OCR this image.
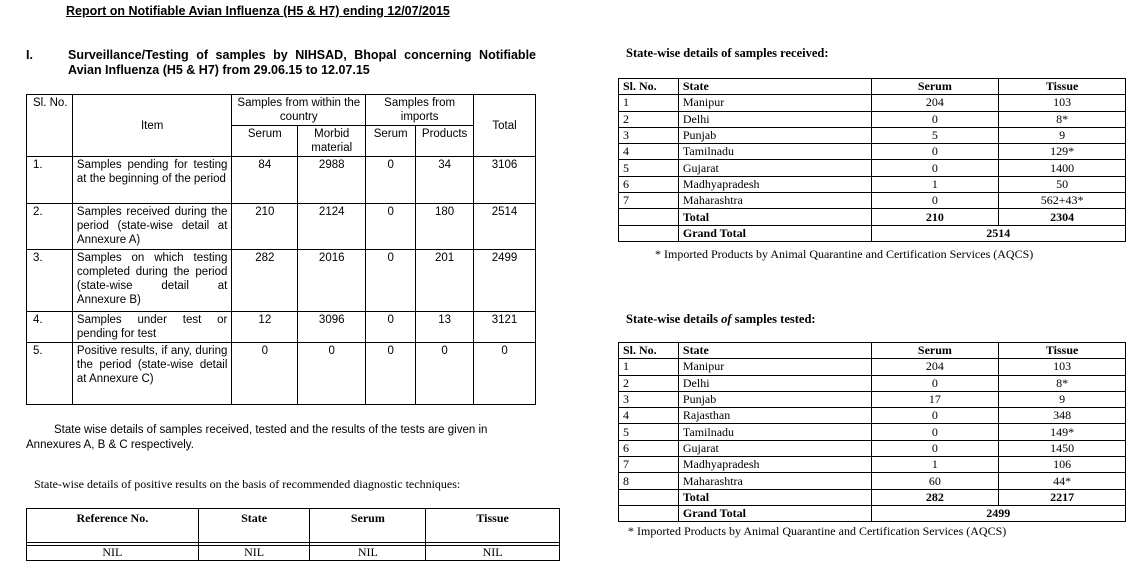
Report on Notifiable Avian Influenza (H5 & H7) ending 12/07/2015
I.	Surveillance/Testing of samples by NIHSAD, Bhopal concerning Notifiable Avian Influenza (H5 & H7) from 29.06.15 to 12.07.15
Sl. No.	Item	Samples from within the country		Samples from imports		Total
		Serum	Morbid material	Serum	Products	
1.	Samples pending for testing at the beginning of the period	84	2988	0	34	3106
2.	Samples received during the period (state-wise detail at Annexure A)	210	2124	0	180	2514
3.	Samples on which testing completed during the period (state-wise detail at Annexure B)	282	2016	0	201	2499
4.	Samples under test or pending for test	12	3096	0	13	3121
5.	Positive results, if any, during the period (state-wise detail at Annexure C)	0	0	0	0	0
State wise details of samples received, tested and the results of the tests are given in Annexures A, B & C respectively.
State-wise details of positive results on the basis of recommended diagnostic techniques:
Reference No.	State	Serum	Tissue

NIL	NIL	NIL	NIL
State-wise details of samples received:
Sl. No.	State	Serum	Tissue
1	Manipur	204	103
2	Delhi	0	8*
3	Punjab	5	9
4	Tamilnadu	0	129*
5	Gujarat	0	1400
6	Madhyapradesh	1	50
7	Maharashtra	0	562+43*
	Total	210	2304
	Grand Total	2514	
* Imported Products by Animal Quarantine and Certification Services (AQCS)
State-wise details of samples tested:
Sl. No.	State	Serum	Tissue
1	Manipur	204	103
2	Delhi	0	8*
3	Punjab	17	9
4	Rajasthan	0	348
5	Tamilnadu	0	149*
6	Gujarat	0	1450
7	Madhyapradesh	1	106
8	Maharashtra	60	44*
	Total	282	2217
	Grand Total	2499	
* Imported Products by Animal Quarantine and Certification Services (AQCS)
